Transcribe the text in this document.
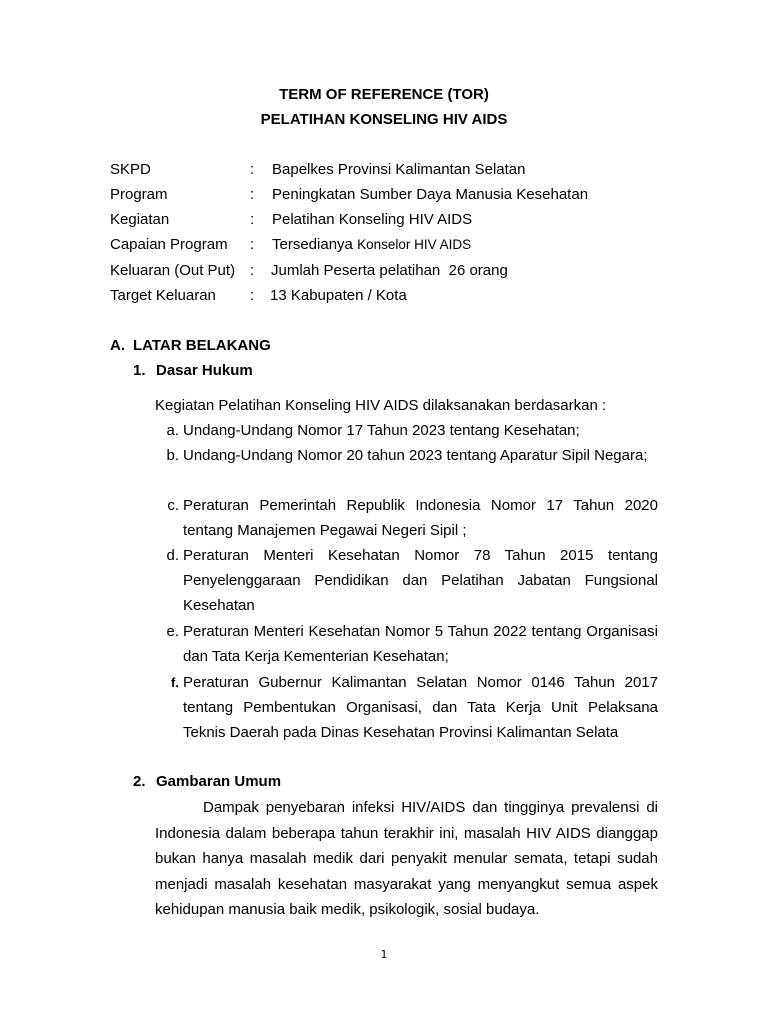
TERM OF REFERENCE (TOR)
PELATIHAN KONSELING HIV AIDS
SKPD	: Bapelkes Provinsi Kalimantan Selatan
Program	: Peningkatan Sumber Daya Manusia Kesehatan
Kegiatan	: Pelatihan Konseling HIV AIDS
Capaian Program : Tersedianya Konselor HIV AIDS
Keluaran (Out Put) : Jumlah Peserta pelatihan  26 orang
Target Keluaran : 13 Kabupaten / Kota
A. LATAR BELAKANG
1. Dasar Hukum
Kegiatan Pelatihan Konseling HIV AIDS dilaksanakan berdasarkan :
a. Undang-Undang Nomor 17 Tahun 2023 tentang Kesehatan;
b. Undang-Undang Nomor 20 tahun 2023 tentang Aparatur Sipil Negara;
c. Peraturan Pemerintah Republik Indonesia Nomor 17 Tahun 2020 tentang Manajemen Pegawai Negeri Sipil ;
d. Peraturan Menteri Kesehatan Nomor 78 Tahun 2015 tentang Penyelenggaraan Pendidikan dan Pelatihan Jabatan Fungsional Kesehatan
e. Peraturan Menteri Kesehatan Nomor 5 Tahun 2022 tentang Organisasi dan Tata Kerja Kementerian Kesehatan;
f. Peraturan Gubernur Kalimantan Selatan Nomor 0146 Tahun 2017 tentang Pembentukan Organisasi, dan Tata Kerja Unit Pelaksana Teknis Daerah pada Dinas Kesehatan Provinsi Kalimantan Selata
2. Gambaran Umum
Dampak penyebaran infeksi HIV/AIDS dan tingginya prevalensi di Indonesia dalam beberapa tahun terakhir ini, masalah HIV AIDS dianggap bukan hanya masalah medik dari penyakit menular semata, tetapi sudah menjadi masalah kesehatan masyarakat yang menyangkut semua aspek kehidupan manusia baik medik, psikologik, sosial budaya.
1
